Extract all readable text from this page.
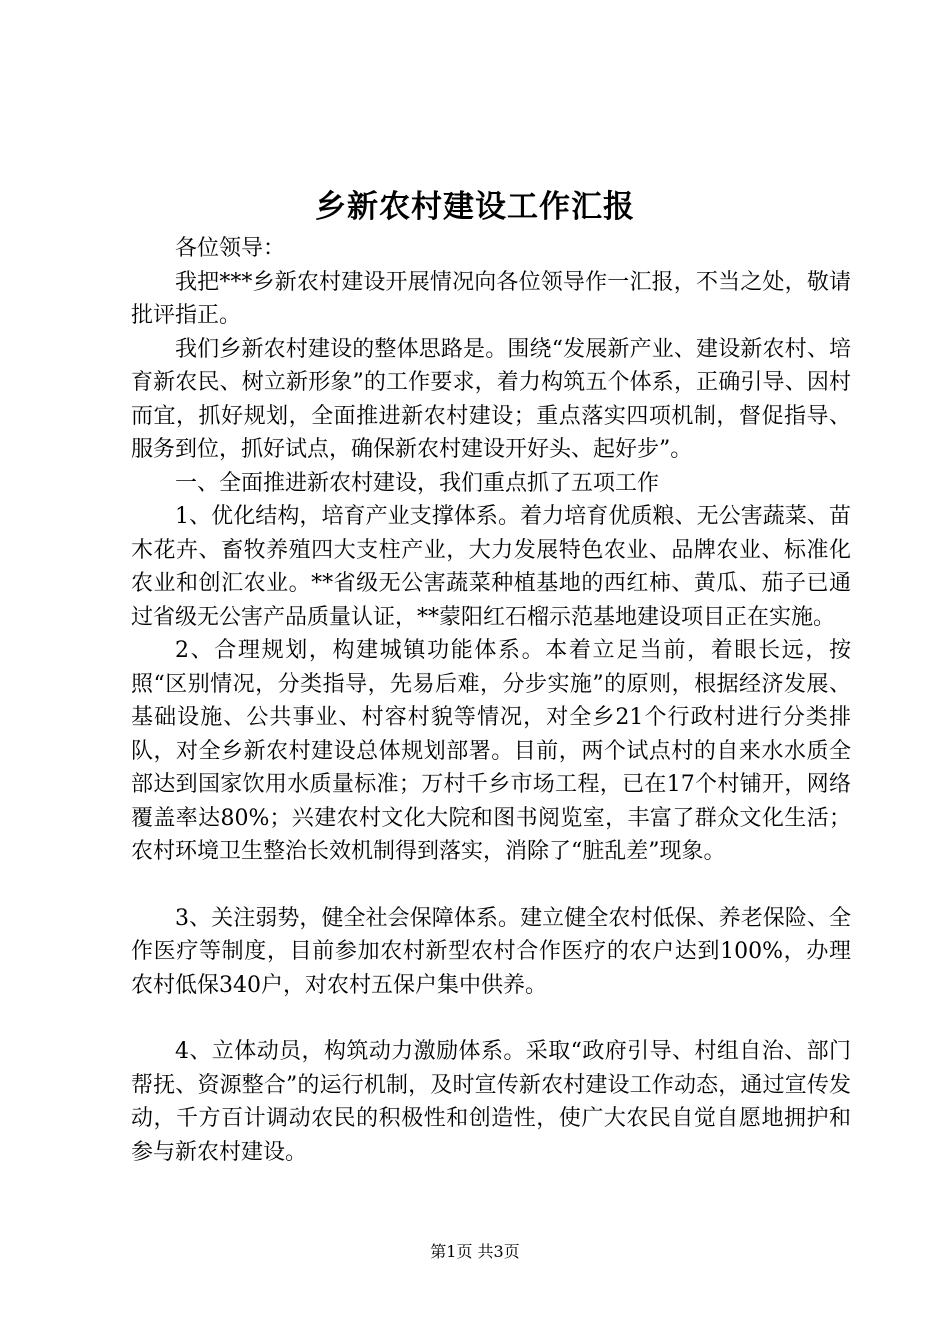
乡新农村建设工作汇报

各位领导：

我把***乡新农村建设开展情况向各位领导作一汇报，不当之处，敬请批评指正。

我们乡新农村建设的整体思路是。围绕“发展新产业、建设新农村、培育新农民、树立新形象”的工作要求，着力构筑五个体系，正确引导、因村而宜，抓好规划，全面推进新农村建设；重点落实四项机制，督促指导、服务到位，抓好试点，确保新农村建设开好头、起好步”。

一、全面推进新农村建设，我们重点抓了五项工作

1、优化结构，培育产业支撑体系。着力培育优质粮、无公害蔬菜、苗木花卉、畜牧养殖四大支柱产业，大力发展特色农业、品牌农业、标准化农业和创汇农业。**省级无公害蔬菜种植基地的西红柿、黄瓜、茄子已通过省级无公害产品质量认证，**蒙阳红石榴示范基地建设项目正在实施。

2、合理规划，构建城镇功能体系。本着立足当前，着眼长远，按照“区别情况，分类指导，先易后难，分步实施”的原则，根据经济发展、基础设施、公共事业、村容村貌等情况，对全乡21个行政村进行分类排队，对全乡新农村建设总体规划部署。目前，两个试点村的自来水水质全部达到国家饮用水质量标准；万村千乡市场工程，已在17个村铺开，网络覆盖率达80%；兴建农村文化大院和图书阅览室，丰富了群众文化生活；农村环境卫生整治长效机制得到落实，消除了“脏乱差”现象。

3、关注弱势，健全社会保障体系。建立健全农村低保、养老保险、全作医疗等制度，目前参加农村新型农村合作医疗的农户达到100%，办理农村低保340户，对农村五保户集中供养。

4、立体动员，构筑动力激励体系。采取“政府引导、村组自治、部门帮抚、资源整合”的运行机制，及时宣传新农村建设工作动态，通过宣传发动，千方百计调动农民的积极性和创造性，使广大农民自觉自愿地拥护和参与新农村建设。

第1页 共3页
